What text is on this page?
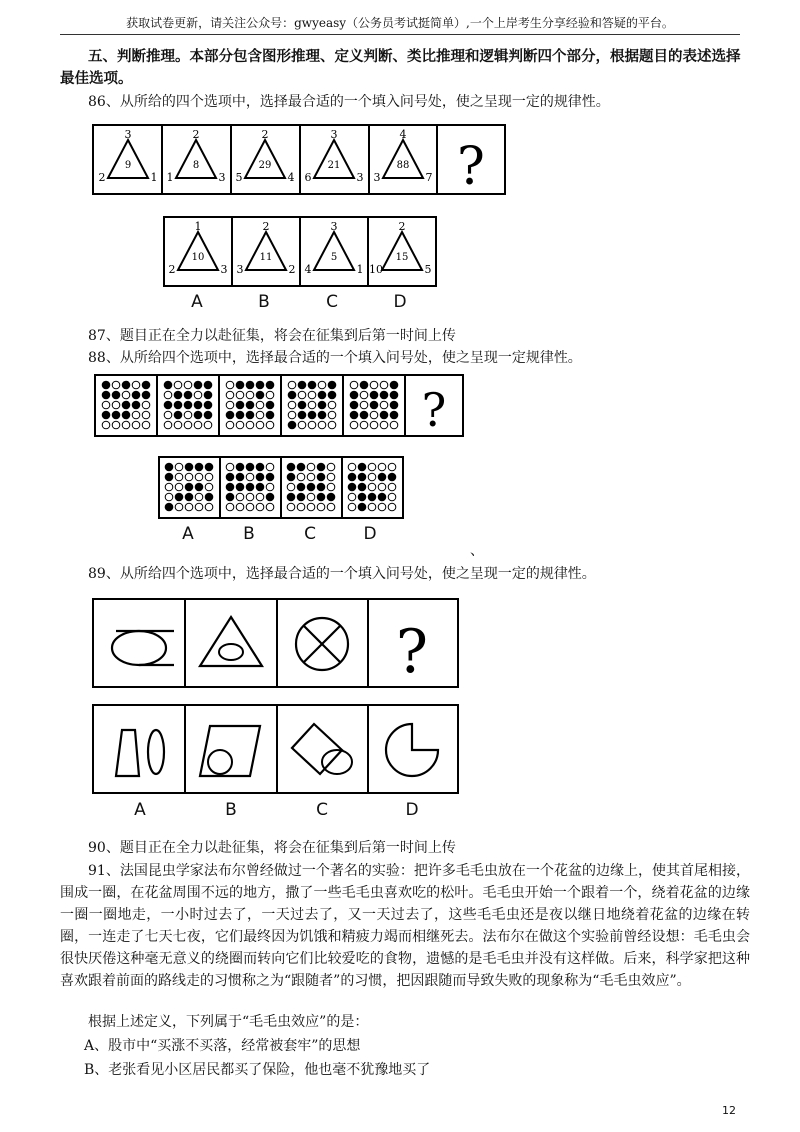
获取试卷更新，请关注公众号：gwyeasy（公务员考试挺简单）,一个上岸考生分享经验和答疑的平台。
五、判断推理。本部分包含图形推理、定义判断、类比推理和逻辑判断四个部分，根据题目的表述选择最佳选项。
86、从所给的四个选项中，选择最合适的一个填入问号处，使之呈现一定的规律性。
3
9
2	1
2
8
1	3
2
29
5	4
3
21
6	3
4
88
3	7 ?
1
10
2	3
2
11
3	2
3
5
4	1
2
15
10	5
A	B	C	D
87、题目正在全力以赴征集，将会在征集到后第一时间上传
88、从所给四个选项中，选择最合适的一个填入问号处，使之呈现一定规律性。
?
A	B	C	D
、
89、从所给四个选项中，选择最合适的一个填入问号处，使之呈现一定的规律性。
?
A	B	C	D
90、题目正在全力以赴征集，将会在征集到后第一时间上传
91、法国昆虫学家法布尔曾经做过一个著名的实验：把许多毛毛虫放在一个花盆的边缘上，使其首尾相接，围成一圈，在花盆周围不远的地方，撒了一些毛毛虫喜欢吃的松叶。毛毛虫开始一个跟着一个，绕着花盆的边缘一圈一圈地走，一小时过去了，一天过去了，又一天过去了，这些毛毛虫还是夜以继日地绕着花盆的边缘在转圈，一连走了七天七夜，它们最终因为饥饿和精疲力竭而相继死去。法布尔在做这个实验前曾经设想：毛毛虫会很快厌倦这种毫无意义的绕圈而转向它们比较爱吃的食物，遗憾的是毛毛虫并没有这样做。后来，科学家把这种喜欢跟着前面的路线走的习惯称之为“跟随者”的习惯，把因跟随而导致失败的现象称为“毛毛虫效应”。
根据上述定义，下列属于“毛毛虫效应”的是：
A、股市中“买涨不买落，经常被套牢”的思想
B、老张看见小区居民都买了保险，他也毫不犹豫地买了
12
